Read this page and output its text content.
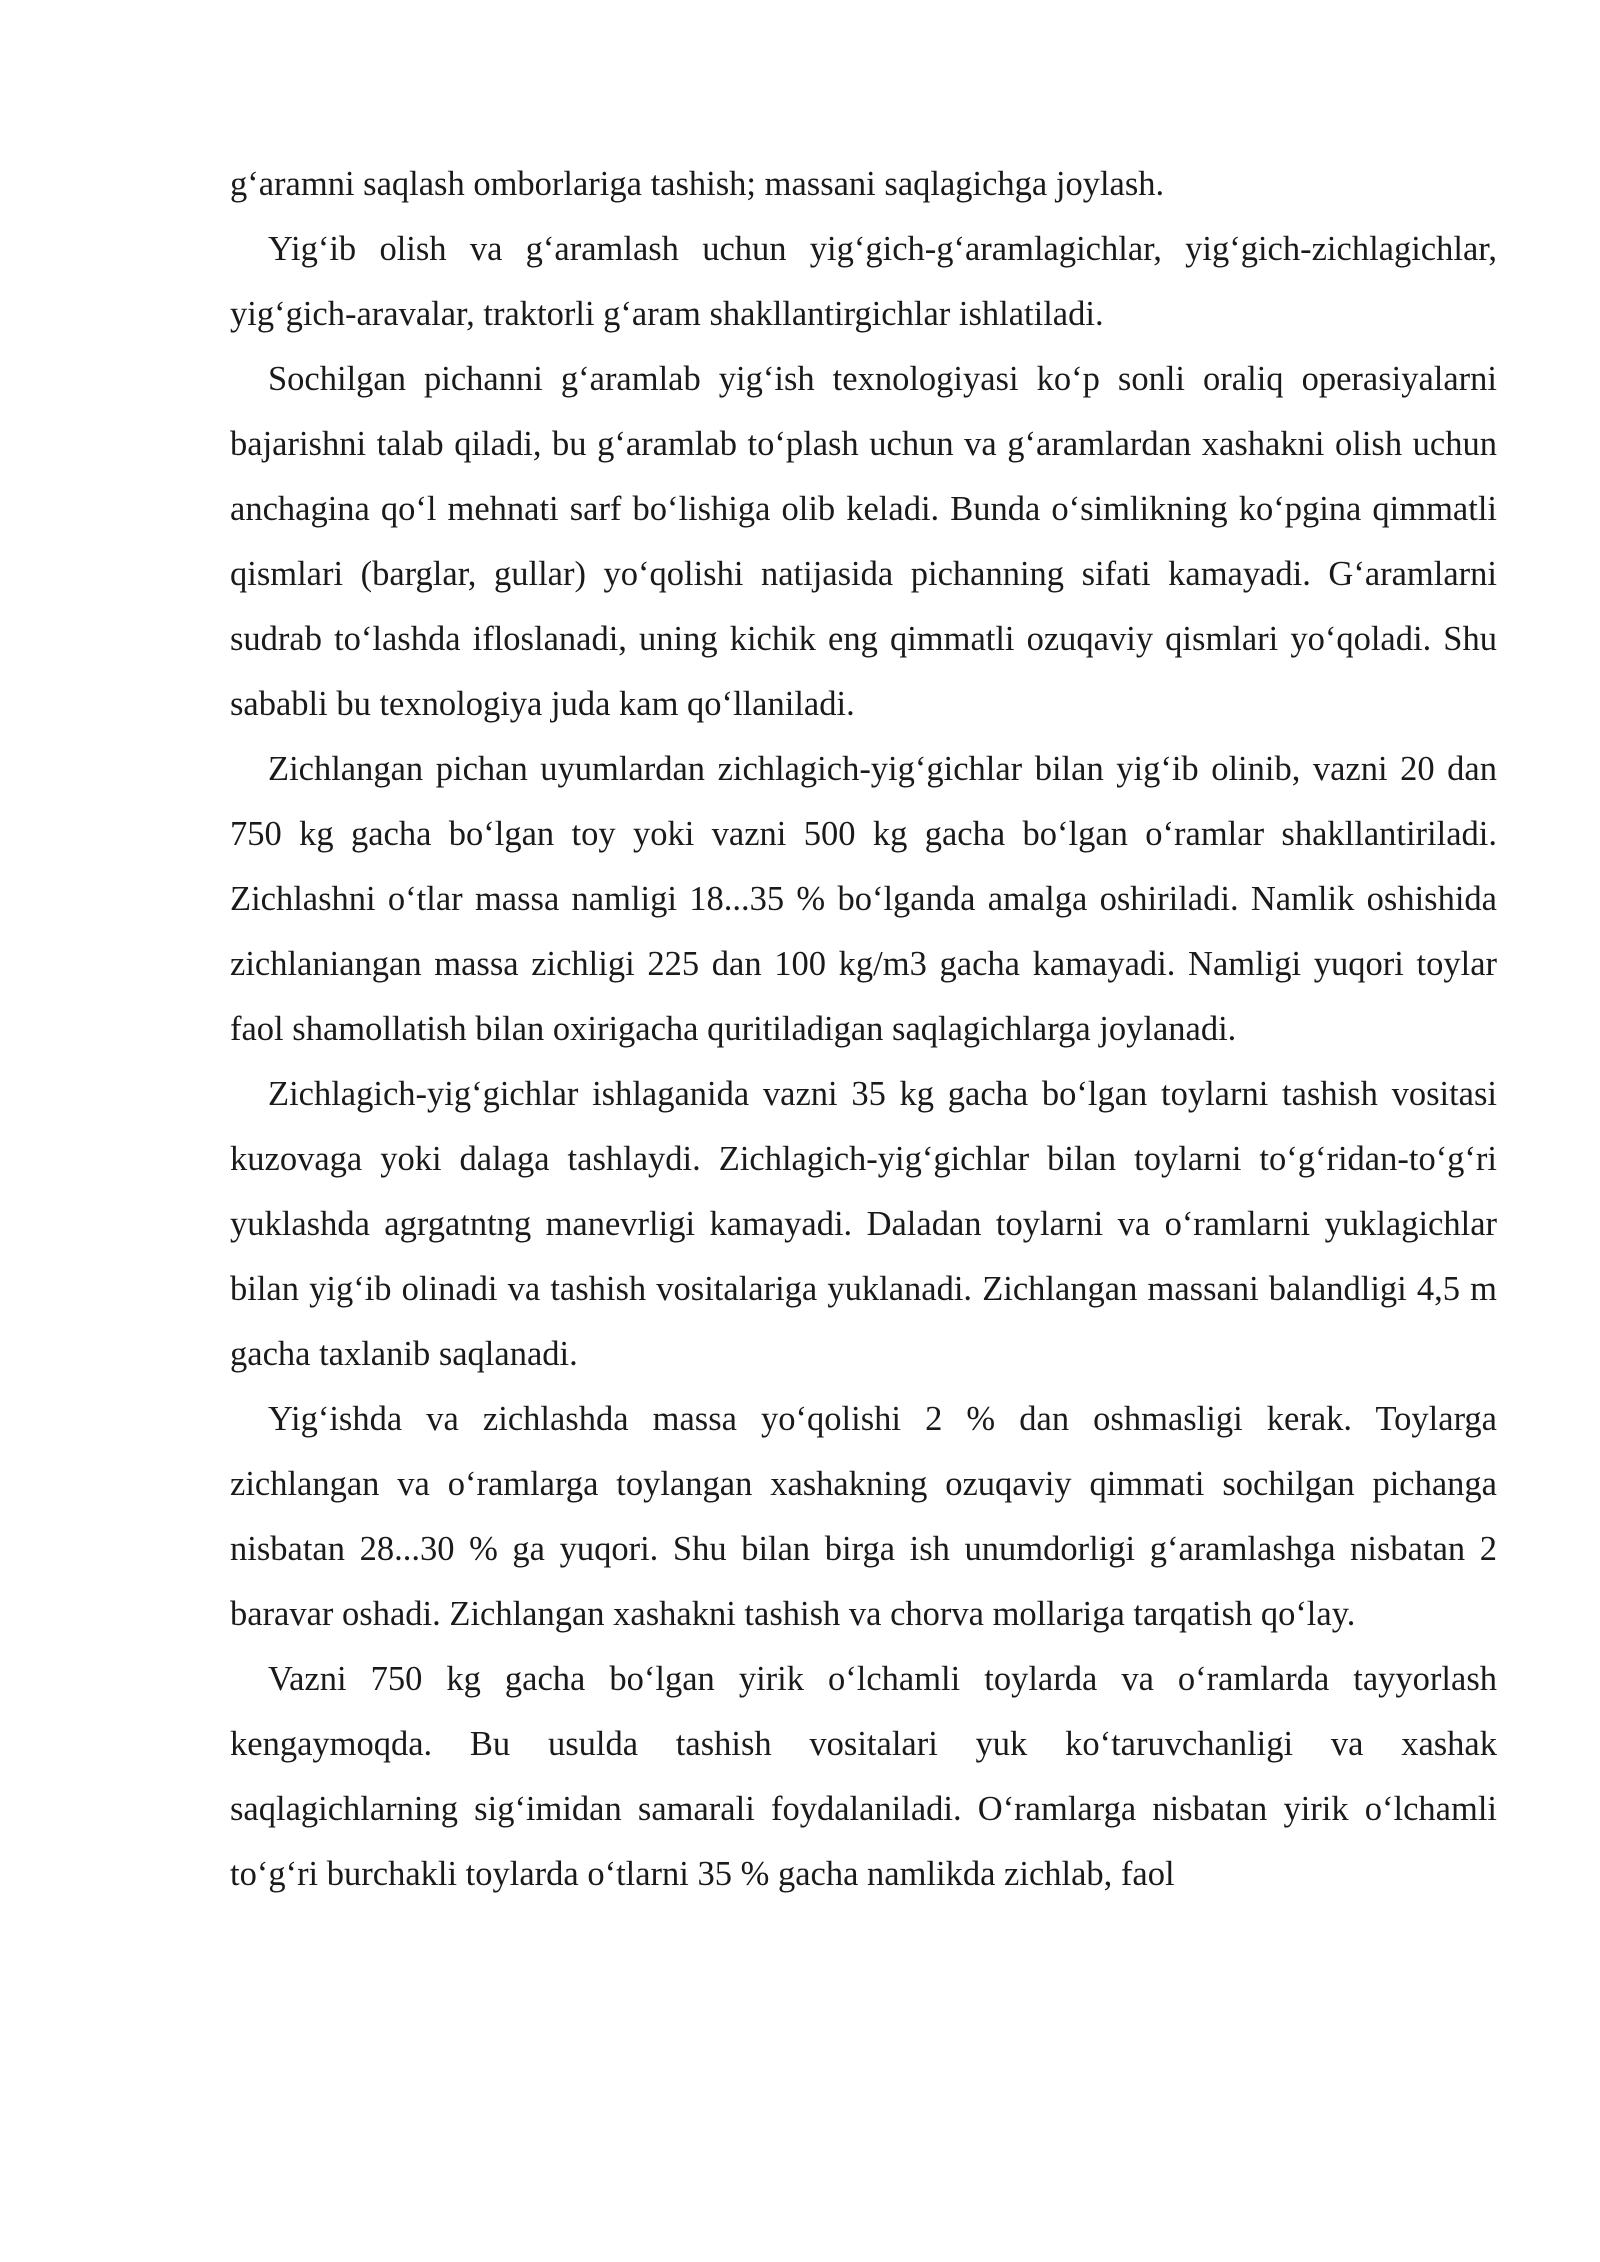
g‘aramni saqlash omborlariga tashish; massani saqlagichga joylash.

Yig‘ib olish va g‘aramlash uchun yig‘gich-g‘aramlagichlar, yig‘gich-zichlagichlar, yig‘gich-aravalar, traktorli g‘aram shakllantirgichlar ishlatiladi.

Sochilgan pichanni g‘aramlab yig‘ish texnologiyasi ko‘p sonli oraliq operasiyalarni bajarishni talab qiladi, bu g‘aramlab to‘plash uchun va g‘aramlardan xashakni olish uchun anchagina qo‘l mehnati sarf bo‘lishiga olib keladi. Bunda o‘simlikning ko‘pgina qimmatli qismlari (barglar, gullar) yo‘qolishi natijasida pichanning sifati kamayadi. G‘aramlarni sudrab to‘lashda ifloslanadi, uning kichik eng qimmatli ozuqaviy qismlari yo‘qoladi. Shu sababli bu texnologiya juda kam qo‘llaniladi.

Zichlangan pichan uyumlardan zichlagich-yig‘gichlar bilan yig‘ib olinib, vazni 20 dan 750 kg gacha bo‘lgan toy yoki vazni 500 kg gacha bo‘lgan o‘ramlar shakllantiriladi. Zichlashni o‘tlar massa namligi 18...35 % bo‘lganda amalga oshiriladi. Namlik oshishida zichlaniangan massa zichligi 225 dan 100 kg/m3 gacha kamayadi. Namligi yuqori toylar faol shamollatish bilan oxirigacha quritiladigan saqlagichlarga joylanadi.

Zichlagich-yig‘gichlar ishlaganida vazni 35 kg gacha bo‘lgan toylarni tashish vositasi kuzovaga yoki dalaga tashlaydi. Zichlagich-yig‘gichlar bilan toylarni to‘g‘ridan-to‘g‘ri yuklashda agrgatntng manevrligi kamayadi. Daladan toylarni va o‘ramlarni yuklagichlar bilan yig‘ib olinadi va tashish vositalariga yuklanadi. Zichlangan massani balandligi 4,5 m gacha taxlanib saqlanadi.

Yig‘ishda va zichlashda massa yo‘qolishi 2 % dan oshmasligi kerak. Toylarga zichlangan va o‘ramlarga toylangan xashakning ozuqaviy qimmati sochilgan pichanga nisbatan 28...30 % ga yuqori. Shu bilan birga ish unumdorligi g‘aramlashga nisbatan 2 baravar oshadi. Zichlangan xashakni tashish va chorva mollariga tarqatish qo‘lay.

Vazni 750 kg gacha bo‘lgan yirik o‘lchamli toylarda va o‘ramlarda tayyorlash kengaymoqda. Bu usulda tashish vositalari yuk ko‘taruvchanligi va xashak saqlagichlarning sig‘imidan samarali foydalaniladi. O‘ramlarga nisbatan yirik o‘lchamli to‘g‘ri burchakli toylarda o‘tlarni 35 % gacha namlikda zichlab, faol
